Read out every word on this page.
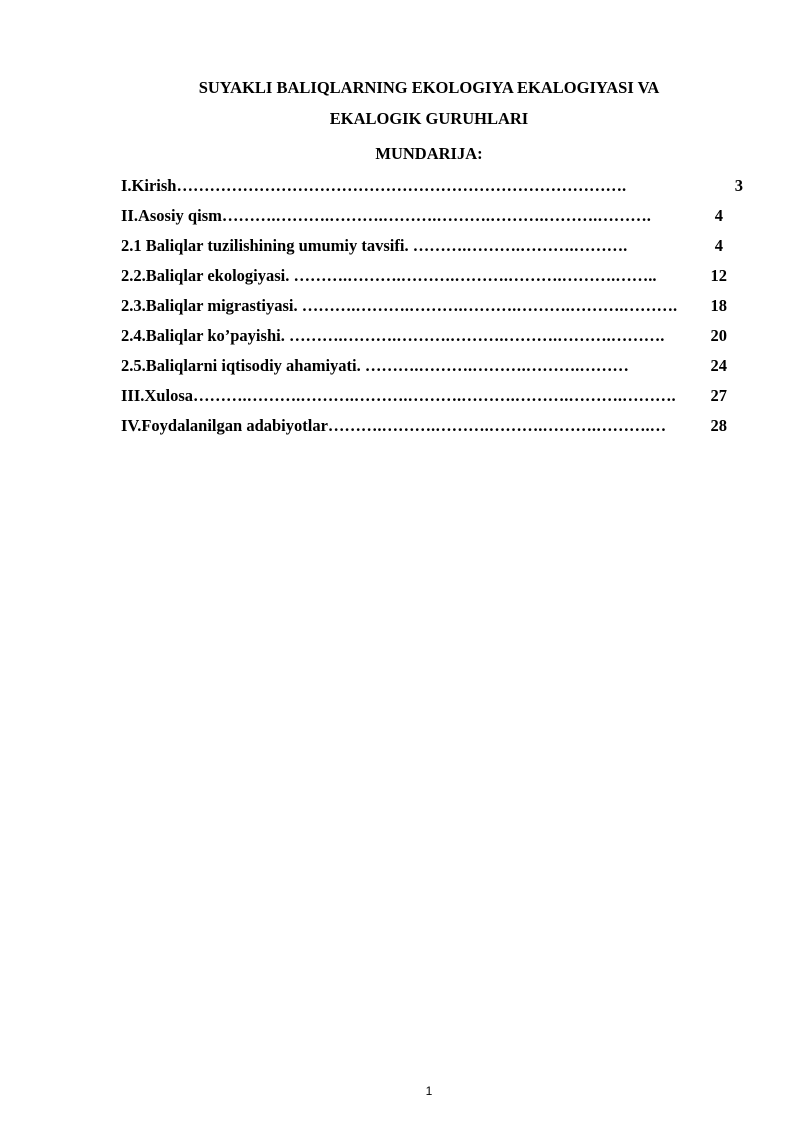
SUYAKLI BALIQLARNING EKOLOGIYA EKALOGIYASI VA
EKALOGIK GURUHLARI
MUNDARIJA:
I.Kirish……………………………………………………………………….	3
II.Asosiy qism……….……….……….……….……….……….……….……….	4
2.1 Baliqlar tuzilishining umumiy tavsifi. ……….……….……….……….	4
2.2.Baliqlar ekologiyasi. ……….……….……….……….……….……….……..	12
2.3.Baliqlar migrastiyasi. ……….……….……….……….……….……….……….	18
2.4.Baliqlar ko’payishi. ……….……….……….……….……….……….……….	20
2.5.Baliqlarni iqtisodiy ahamiyati. ……….……….……….……….………	24
III.Xulosa……….……….……….……….……….……….……….……….……….	27
IV.Foydalanilgan adabiyotlar……….……….……….……….……….……….…	28
1
